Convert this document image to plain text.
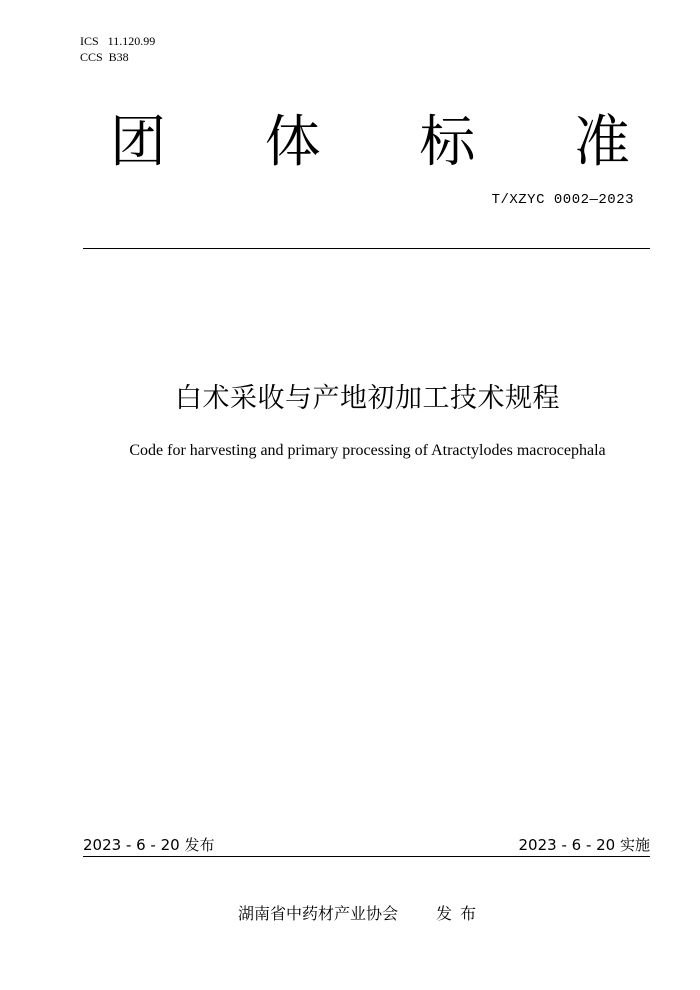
ICS   11.120.99
CCS  B38
团 体 标 准
T/XZYC 0002—2023
白术采收与产地初加工技术规程
Code for harvesting and primary processing of Atractylodes macrocephala
2023 - 6 - 20 发布	2023 - 6 - 20 实施
湖南省中药材产业协会 发布
